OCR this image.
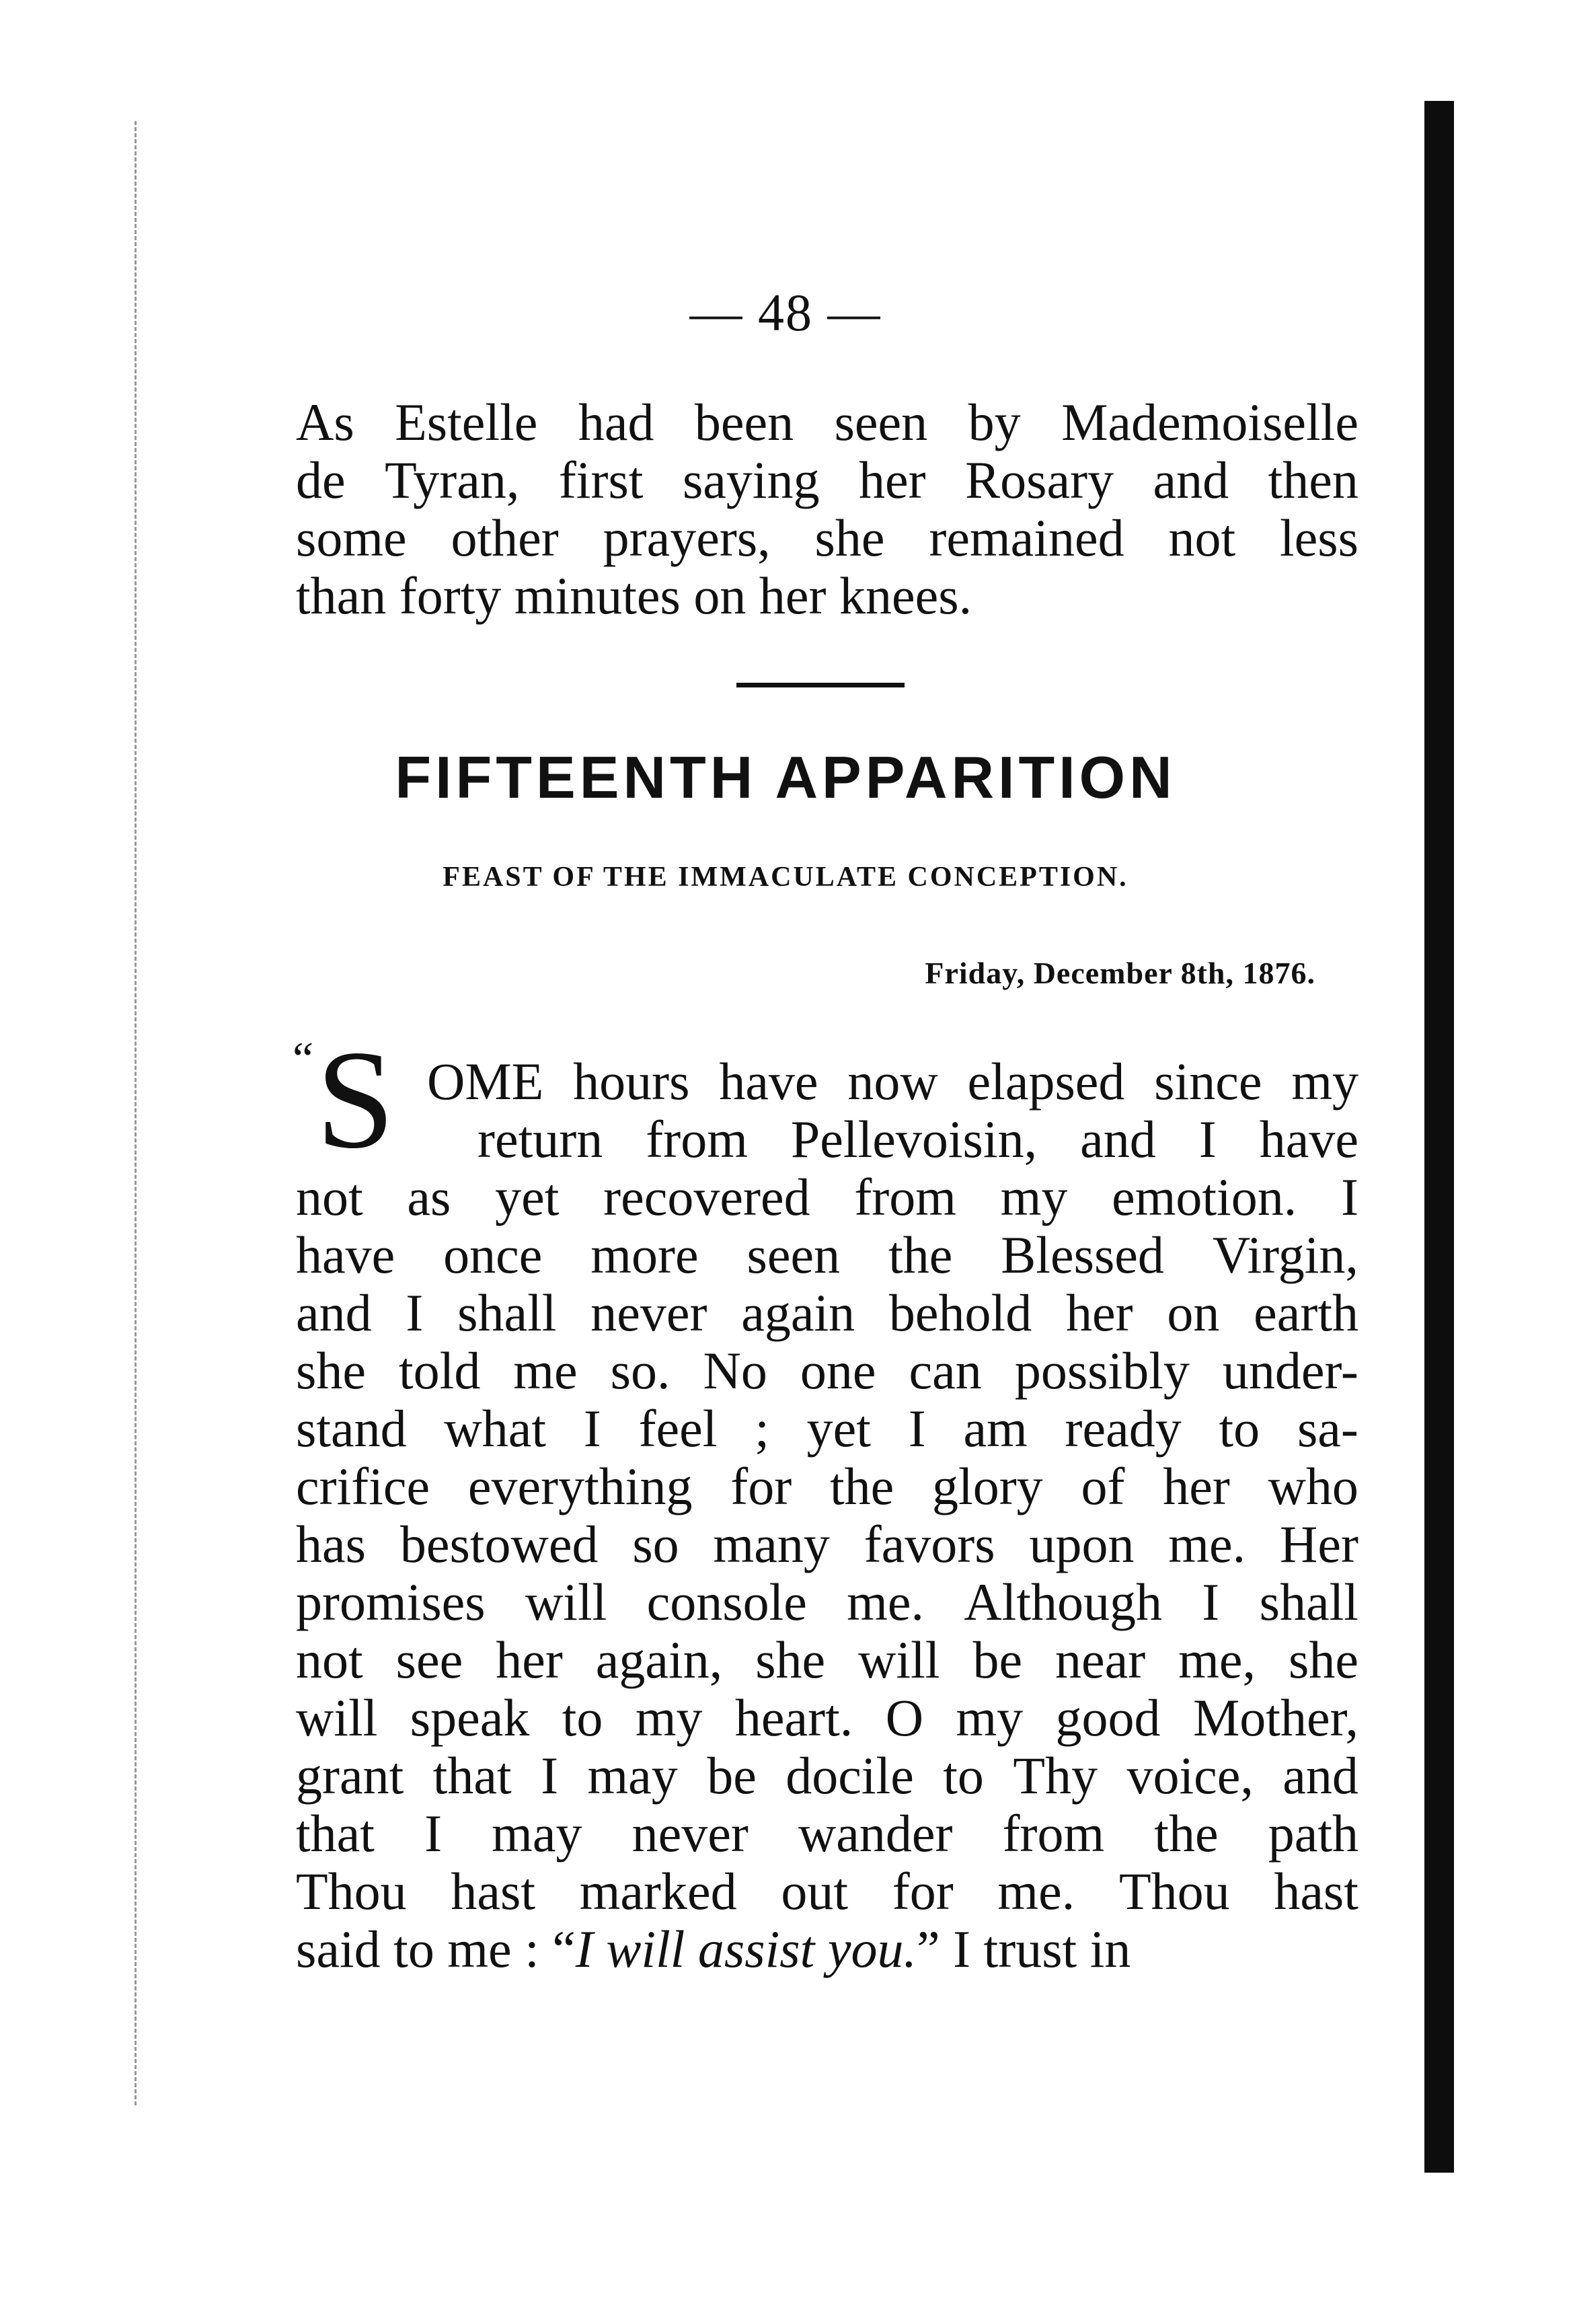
— 48 —
As Estelle had been seen by Mademoiselle
de Tyran, first saying her Rosary and then
some other prayers, she remained not less
than forty minutes on her knees.
FIFTEENTH APPARITION
FEAST OF THE IMMACULATE CONCEPTION.
Friday, December 8th, 1876.
“ S OME hours have now elapsed since my
return from Pellevoisin, and I have
not as yet recovered from my emotion. I
have once more seen the Blessed Virgin,
and I shall never again behold her on earth
she told me so. No one can possibly under-
stand what I feel ; yet I am ready to sa-
crifice everything for the glory of her who
has bestowed so many favors upon me. Her
promises will console me. Although I shall
not see her again, she will be near me, she
will speak to my heart. O my good Mother,
grant that I may be docile to Thy voice, and
that I may never wander from the path
Thou hast marked out for me. Thou hast
said to me : “ I will assist you. ” I trust in
